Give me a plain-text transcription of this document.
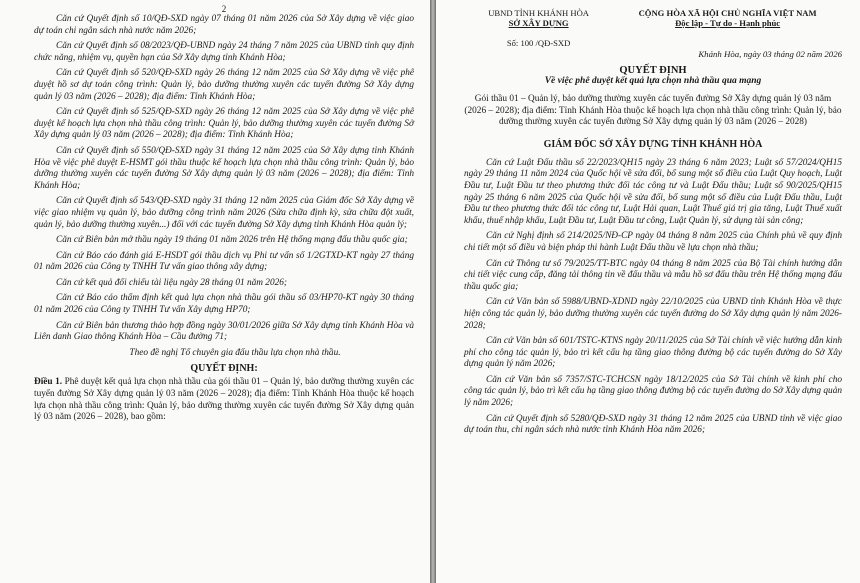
2

Căn cứ Quyết định số 10/QĐ-SXD ngày 07 tháng 01 năm 2026 của Sở Xây dựng về việc giao dự toán chi ngân sách nhà nước năm 2026;

Căn cứ Quyết định số 08/2023/QĐ-UBND ngày 24 tháng 7 năm 2025 của UBND tỉnh quy định chức năng, nhiệm vụ, quyền hạn của Sở Xây dựng tỉnh Khánh Hòa;

Căn cứ Quyết định số 520/QĐ-SXD ngày 26 tháng 12 năm 2025 của Sở Xây dựng về việc phê duyệt hồ sơ dự toán công trình: Quản lý, bảo dưỡng thường xuyên các tuyến đường Sở Xây dựng quản lý 03 năm (2026 – 2028); địa điểm: Tỉnh Khánh Hòa;

Căn cứ Quyết định số 525/QĐ-SXD ngày 26 tháng 12 năm 2025 của Sở Xây dựng về việc phê duyệt kế hoạch lựa chọn nhà thầu công trình: Quản lý, bảo dưỡng thường xuyên các tuyến đường Sở Xây dựng quản lý 03 năm (2026 – 2028); địa điểm: Tỉnh Khánh Hòa;

Căn cứ Quyết định số 550/QĐ-SXD ngày 31 tháng 12 năm 2025 của Sở Xây dựng tỉnh Khánh Hòa về việc phê duyệt E-HSMT gói thầu thuộc kế hoạch lựa chọn nhà thầu công trình: Quản lý, bảo dưỡng thường xuyên các tuyến đường Sở Xây dựng quản lý 03 năm (2026 – 2028); địa điểm: Tỉnh Khánh Hòa;

Căn cứ Quyết định số 543/QĐ-SXD ngày 31 tháng 12 năm 2025 của Giám đốc Sở Xây dựng về việc giao nhiệm vụ quản lý, bảo dưỡng công trình năm 2026 (Sửa chữa định kỳ, sửa chữa đột xuất, quản lý, bảo dưỡng thường xuyên...) đối với các tuyến đường Sở Xây dựng tỉnh Khánh Hòa quản lý;

Căn cứ Biên bản mở thầu ngày 19 tháng 01 năm 2026 trên Hệ thống mạng đấu thầu quốc gia;

Căn cứ Báo cáo đánh giá E-HSDT gói thầu dịch vụ Phi tư vấn số 1/2GTXD-KT ngày 27 tháng 01 năm 2026 của Công ty TNHH Tư vấn giao thông xây dựng;

Căn cứ kết quả đối chiếu tài liệu ngày 28 tháng 01 năm 2026;

Căn cứ Báo cáo thẩm định kết quả lựa chọn nhà thầu gói thầu số 03/HP70-KT ngày 30 tháng 01 năm 2026 của Công ty TNHH Tư vấn Xây dựng HP70;

Căn cứ Biên bản thương thảo hợp đồng ngày 30/01/2026 giữa Sở Xây dựng tỉnh Khánh Hòa và Liên danh Giao thông Khánh Hòa – Cầu đường 71;

Theo đề nghị Tổ chuyên gia đấu thầu lựa chọn nhà thầu.

QUYẾT ĐỊNH:

Điều 1. Phê duyệt kết quả lựa chọn nhà thầu của gói thầu 01 – Quản lý, bảo dưỡng thường xuyên các tuyến đường Sở Xây dựng quản lý 03 năm (2026 – 2028); địa điểm: Tỉnh Khánh Hòa thuộc kế hoạch lựa chọn nhà thầu công trình: Quản lý, bảo dưỡng thường xuyên các tuyến đường Sở Xây dựng quản lý 03 năm (2026 – 2028), bao gồm:

UBND TỈNH KHÁNH HÒA
SỞ XÂY DỰNG
Số: 100 /QĐ-SXD
CỘNG HÒA XÃ HỘI CHỦ NGHĨA VIỆT NAM
Độc lập - Tự do - Hạnh phúc
Khánh Hòa, ngày 03 tháng 02 năm 2026
QUYẾT ĐỊNH
Về việc phê duyệt kết quả lựa chọn nhà thầu qua mạng

Gói thầu 01 – Quản lý, bảo dưỡng thường xuyên các tuyến đường Sở Xây dựng quản lý 03 năm (2026 – 2028); địa điểm: Tỉnh Khánh Hòa thuộc kế hoạch lựa chọn nhà thầu công trình: Quản lý, bảo dưỡng thường xuyên các tuyến đường Sở Xây dựng quản lý 03 năm (2026 – 2028)

GIÁM ĐỐC SỞ XÂY DỰNG TỈNH KHÁNH HÒA

Căn cứ Luật Đấu thầu số 22/2023/QH15 ngày 23 tháng 6 năm 2023; Luật số 57/2024/QH15 ngày 29 tháng 11 năm 2024 của Quốc hội về sửa đổi, bổ sung một số điều của Luật Quy hoạch, Luật Đầu tư, Luật Đầu tư theo phương thức đối tác công tư và Luật Đấu thầu; Luật số 90/2025/QH15 ngày 25 tháng 6 năm 2025 của Quốc hội về sửa đổi, bổ sung một số điều của Luật Đấu thầu, Luật Đầu tư theo phương thức đối tác công tư, Luật Hải quan, Luật Thuế giá trị gia tăng, Luật Thuế xuất khẩu, thuế nhập khẩu, Luật Đầu tư, Luật Đầu tư công, Luật Quản lý, sử dụng tài sản công;

Căn cứ Nghị định số 214/2025/NĐ-CP ngày 04 tháng 8 năm 2025 của Chính phủ về quy định chi tiết một số điều và biện pháp thi hành Luật Đấu thầu về lựa chọn nhà thầu;

Căn cứ Thông tư số 79/2025/TT-BTC ngày 04 tháng 8 năm 2025 của Bộ Tài chính hướng dẫn chi tiết việc cung cấp, đăng tải thông tin về đấu thầu và mẫu hồ sơ đấu thầu trên Hệ thống mạng đấu thầu quốc gia;

Căn cứ Văn bản số 5988/UBND-XDND ngày 22/10/2025 của UBND tỉnh Khánh Hòa về thực hiện công tác quản lý, bảo dưỡng thường xuyên các tuyến đường do Sở Xây dựng quản lý năm 2026-2028;

Căn cứ Văn bản số 601/TSTC-KTNS ngày 20/11/2025 của Sở Tài chính về việc hướng dẫn kinh phí cho công tác quản lý, bảo trì kết cấu hạ tầng giao thông đường bộ các tuyến đường do Sở Xây dựng quản lý năm 2026;

Căn cứ Văn bản số 7357/STC-TCHCSN ngày 18/12/2025 của Sở Tài chính về kinh phí cho công tác quản lý, bảo trì kết cấu hạ tầng giao thông đường bộ các tuyến đường do Sở Xây dựng quản lý năm 2026;

Căn cứ Quyết định số 5280/QĐ-SXD ngày 31 tháng 12 năm 2025 của UBND tỉnh về việc giao dự toán thu, chi ngân sách nhà nước tỉnh Khánh Hòa năm 2026;
